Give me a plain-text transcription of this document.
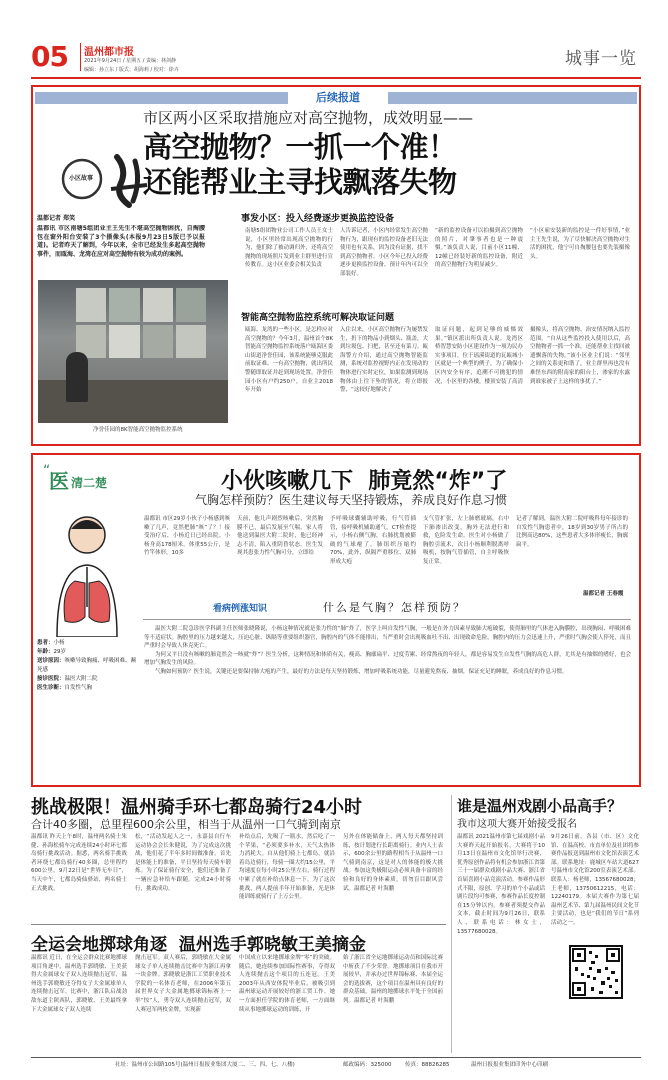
05 温州都市报
2021年9月24日 / 星期五 / 责编：林剑静
编辑：孙立东 / 版式：胡海莉 / 校对：徐卉
城事一览
后续报道
小区故事
市区两小区采取措施应对高空抛物，成效明显——
高空抛物？一抓一个准！
还能帮业主寻找飘落失物
温都记者 郑笑
温都讯 市区南塘5组团业主王先生不堪高空抛物困扰，自掏腰包在窗外阳台安装了3个摄像头(本报9月23日5版已予以报道)。记者昨天了解到，今年以来，全市已经发生多起高空抛物事件，而瓯海、龙湾在应对高空抛物有较为成功的案例。
净誉佳园的8K智能高空抛物监控系统
事发小区：投入经费逐步更换监控设备
南塘5组团物业公司工作人员王女士说，小区里经常出现高空抛物的行为，他们除了被动调归外，还将高空抛物的现场照片发到业主群里进行宣传教育。这小区业委会相关负责
人告诉记者，小区内经常发生高空抛物行为，跟现有的监控设备老旧无法使用也有关系，因为没有证据，找不到高空抛物者。小区今年已投入经费逐步更换监控设备，预计年内可以全部装好。
“新的监控设备可以拍摄到高空抛物的照片，对肇事者也是一种震慑。”该负责人说，目前小区11幢、12幢已经装好新的监控设备，附近的高空抛物行为明显减少。
“小区雇安装新的监控是一件好事情，”业主王先生说，为了尽快解决高空抛物对生活的困扰，他宁可自掏腰包也要先装摄像头。
智能高空抛物监控系统可解决取证问题
瓯海、龙湾的一些小区，是怎样应对高空抛物的？今年3月，温州首个8K智能高空抛物监控系统落户瓯海区娄山街道净誉佳园，该系统能够克服此前取证难、一有高空抛物，就出所民警随即取证并赶到现场处置。净誉佳园小区有户约250户，自业主2018年开始
入住以来，小区高空抛物行为屡禁发生，扔下的物品小到烟头、瓶盖，大到垃圾包、扫把，甚至还有菜刀。瓯海警方介绍，通过高空抛物智能监测，系统对监控视野内正在发现动的物体进行实时定位，如果监测到现场物体由上往下坠的情况，将立即报警，“这较好地解决了
取证问题，起到足够的威慑效果。”镇区派出所负责人说。龙湾区桥智慧安防小区建设作为一项为民办实事项目，位于瑶溪街道的瓦瓯城小区就是一个典型的例子。为了确保小区内安全有序，追溯不可抛犯的情况，小区里的各楼，楼顶安装了高清
摄像头，将高空抛物、治安情况纳入监控范围。“自从这些监控投入使用以后，高空抛物者一抓一个准，还能帮业主找回被遗飘落的失物。”该小区业主们说：“邻里之间的关系更和谐了，业主群里再也没有难怪东西的附南家的阳台上，渗家的水露到谁家被子上这样的事扰了。”
医
“
清二楚	小伙咳嗽几下  肺竟然“炸”了
气胸怎样预防？医生建议每天坚持锻炼，养成良好作息习惯
患者：小杨
年龄：29岁
送诊原因：咳嗽导致胸痛、呼吸困难、濒死感
接诊医院：温医大附二院
医生诊断：自发性气胸
温都讯 市区29岁小伙子小杨感到咳嗽了几声，竟然把肺“咳”了？！接受治疗后，小杨近日已经出院。小杨身高178厘米，体重55公斤，是竹竿体形，10多
天前，他几声剧烈咳嗽后，突然胸膜不已，最后发展至气喘。家人将他送到温医大附二院时，他已经神志不清，陷入重阴昏状态。医生发现其患张力性气胸可分，立即给
予呼吸球囊辅助呼吸，行气管插管，接呼吸机辅助通气。CT检查提示，小杨右侧气胸，右肺扰划被膨破的气球瘪了。肺组织压缩约70%，此外，纵隔严重移位、双肺形成大疱
支气管扩张，左上肺磨玻璃，右中下肺渗出改变，胸外无法进行和救，危险发生命。医生对小杨做了胸腔引流术，次日小杨顺利脱离呼吸机，按胸气管插管，自主呼吸恢复正常。
记者了解到，温医大附二院呼吸科每年接诊的自发性气胸患者中，18岁到30岁男子所占的比例高达80%，这些患者大多体形瘦长，胸廓扁平。
温都记者 王春霞
看病例涨知识	什么是气胸？怎样预防？

温医大附二院急诊医学科副主任医师张晓隆说，小杨这种情况就是张力性的“肺”炸了，医学上叫自发性气胸，一般是在外力因素导致肺大疱破裂，使得肺里的气体进入胸膜腔，出现胸闷、呼吸困难等不适症状。胸腔里的压力越来越大，压迫心脏、纵隔等重要组织器官，胸腔内的气体不能排出，当严重时会出现吸血吐不出、出现致命危险，胸腔内的压力会迅速上升，严重时气胸会使人猝死，而且严重时会导致人休克死亡。

为何又平日没有咳嗽的肺竟然会一咳就“炸”？医生分析，这种情况和体质有关，瘦高、胸廓扁平、过度劳累、经常熬夜的年轻人，都是容易发生自发性气胸的高危人群，尤其是有抽烟的嗜好，也会增加气胸发生的风险。

气胸如何预防？医生说，关键还是要保持肺大疱的产生，最好的方法是每天坚持锻炼，增加呼吸系统功能，尽量避免熬夜、抽烟，保证充足的睡眠，养成良好的作息习惯。

挑战极限！温州骑手环七都岛骑行24小时
合计40多圈，总里程600余公里，相当于从温州一口气骑到南京
温都讯 昨天上午8时，温州两名骑士朱健、孙海松骑车完成连续24小时环七都岛骑行挑战活动。据悉，两名骑手挑战者环绕七都岛骑行40多圈，总里程约600公里。9月22日是“世界无车日”，当天中午，七都岛骑仙驿站，两名骑士正式挑战。
松，“活动发起人之一，永嘉县自行车运动协会会长朱健说，为了完成这次挑战，他们花了半年多时间做准备。首先是体能上的准备，平日坚持每天骑车锻炼。为了保证骑行安全，他们还准备了一辆应急补给车跟随。完成24小时骑行，挑战成功。
补给点后，先喝了一瓶水，然后吃了一个苹果，“必须要多补水，天气太热体力消耗大。自从他们骑上七都岛，就沿着岛边骑行，每骑一圈大约15公里，平均速度在每小时25公里左右，骑行过程中累了就在补给点休息一下。为了这次挑战，两人提前半年开始准备，光是体能训练就骑行了上万公里。
另外在体能储备上，两人每天都坚持训练，按计划进行长距离骑行。业内人士表示，600余公里的路程相当于从温州一口气骑到南京，这是对人的体能的极大挑战。参加这类极限运动必须具备丰富的经验和良好的身体素质，切勿盲目跟风尝试。温都记者 叶海鹏
谁是温州戏剧小品高手？
我市这项大赛开始接受报名
温都讯 2021温州市第七届戏剧小品大赛昨天起开始报名，大赛将于10月13日在温州市文化馆举行决赛，优秀原创作品将有机会参加浙江省第三十一届群众戏剧小品大赛、浙江省首届喜剧小品竞演活动。参赛作品形式不限，原创、学习的单个小品或话剧片段均可参赛，参赛作品长度控制在15分钟以内。参赛者须提交作品文本，截止时间为9月26日，联系人、联系电话：林女士，13577680028。
9月26日前，各县（市、区）文化馆、在温高校、市直单位及社团将参赛作品报送到温州市文化馆表演艺术部。联系地址：鹿城区车站大道627号温州市文化馆200室表演艺术部。联系人：杨老师，13567680028；王老师，13750612215，电话：12240179。本届大赛作为第七届温州艺术节、第九届温州民间文化节主要活动，也是“我们的节日”系列活动之一。
全运会地掷球角逐  温州选手郭晓敏王美摘金
温都讯 近日，在全运会群众比赛地掷球项目角逐中，温州选手郭晓敏、王美获得大金属球女子双人连续抛击冠军，温州选手郭晓敏还夺得女子大金属球单人连续抛击冠军。比赛中，浙江队启战劲敌东道主陕西队，郭晓敏、王美最终拿下大金属球女子双人连续
抛击冠军。双人赛后，郭晓敏在大金属球女子单人连续抛击比赛中为浙江再拿一块金牌。郭晓敏是浙江工贸职业技术学院的一名体育老师，在2006年第五届世界女子大金属地掷球锦标赛上一举“惊”人，勇夺双人连续抛击冠军，双人赛冠军两枚金牌，实现新
中国成立以来地掷球金牌“零”的突破。随后，她连续参加国际性赛事，夺得双人连续抛击这个项目的五连冠。王美2003年从西安体院毕业后，被吸引到温州球运动开展较好的浙工贸工作。她一方面担任学院的体育老师，一方面继续从事地掷球运动的训练，开
始了浙江省全运地掷球运动员和国际比赛中斩获了不少荣誉。地掷球项目在我市开展较早，并承办过世界锦标赛、本届全运会的选拔赛，这个项目在温州具有良好的群众基础。温州的地掷球水平处于全国前列。温都记者 叶海鹏
社址：温州市公园路105号(温州日报报业集团大厦二、三、四、七、八楼)	邮政编码：325000 传真：88826285	温州日报报业集团印务中心印刷
